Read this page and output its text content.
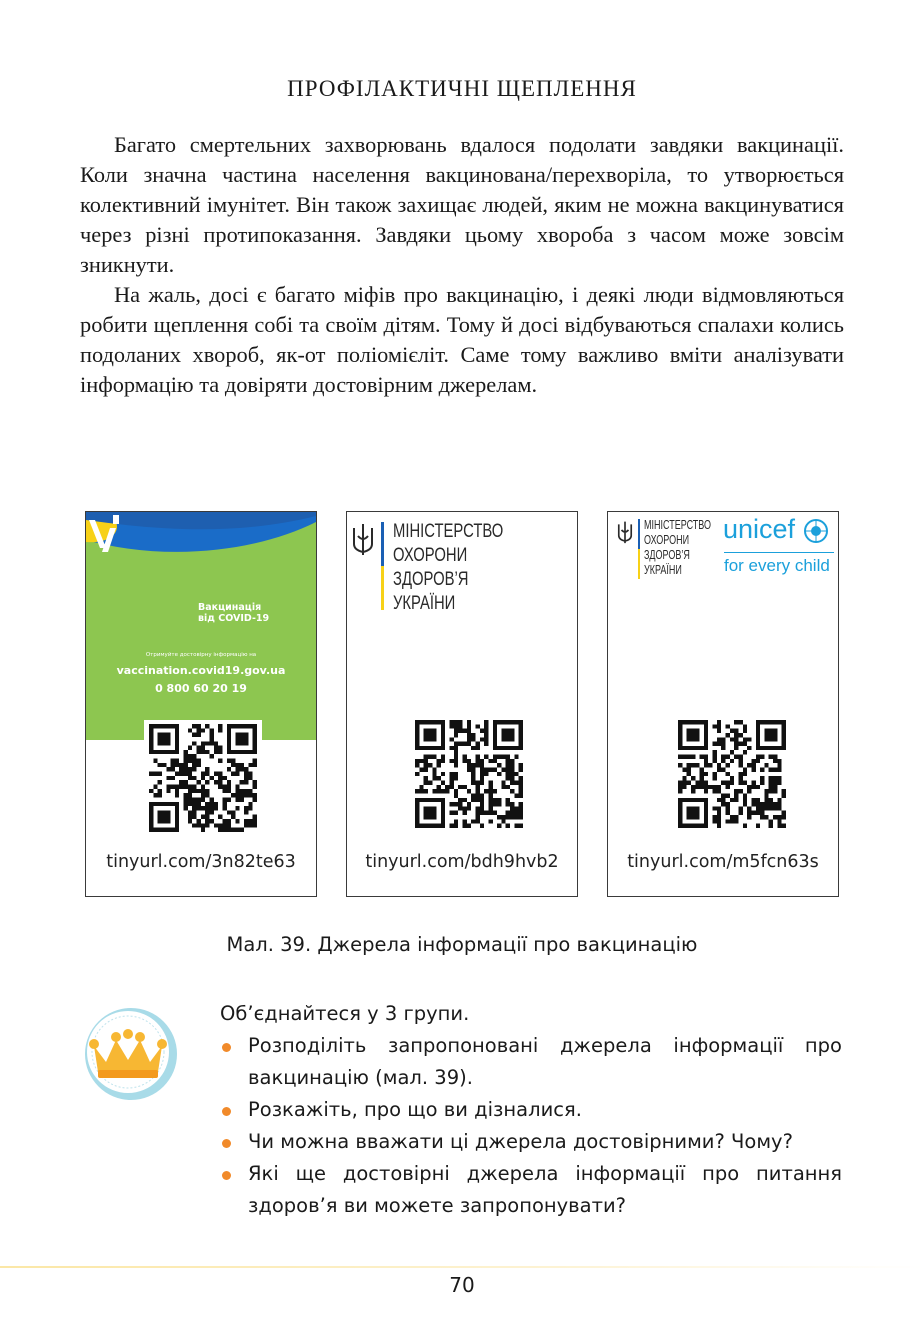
ПРОФІЛАКТИЧНІ ЩЕПЛЕННЯ

Багато смертельних захворювань вдалося подолати завдяки вакцинації. Коли значна частина населення вакцинована/перехворіла, то утворюється колективний імунітет. Він також захищає людей, яким не можна вакцинуватися через різні протипоказання. Завдяки цьому хвороба з часом може зовсім зникнути.

На жаль, досі є багато міфів про вакцинацію, і деякі люди відмовляються робити щеплення собі та своїм дітям. Тому й досі відбуваються спалахи колись подоланих хвороб, як-от поліомієліт. Саме тому важливо вміти аналізувати інформацію та довіряти достовірним джерелам.

Вакцинація
від COVID-19
Отримуйте достовірну інформацію на
vaccination.covid19.gov.ua
0 800 60 20 19
tinyurl.com/3n82te63
МІНІСТЕРСТВО
ОХОРОНИ
ЗДОРОВ’Я
УКРАЇНИ
tinyurl.com/bdh9hvb2
МІНІСТЕРСТВО
ОХОРОНИ
ЗДОРОВ’Я
УКРАЇНИ
unicef
for every child
tinyurl.com/m5fcn63s
Мал. 39. Джерела інформації про вакцинацію

Об’єднайтеся у 3 групи.

Розподіліть запропоновані джерела інформації про вакцинацію (мал. 39).
Розкажіть, про що ви дізналися.
Чи можна вважати ці джерела достовірними? Чому?
Які ще достовірні джерела інформації про питання здоров’я ви можете запропонувати?
70
